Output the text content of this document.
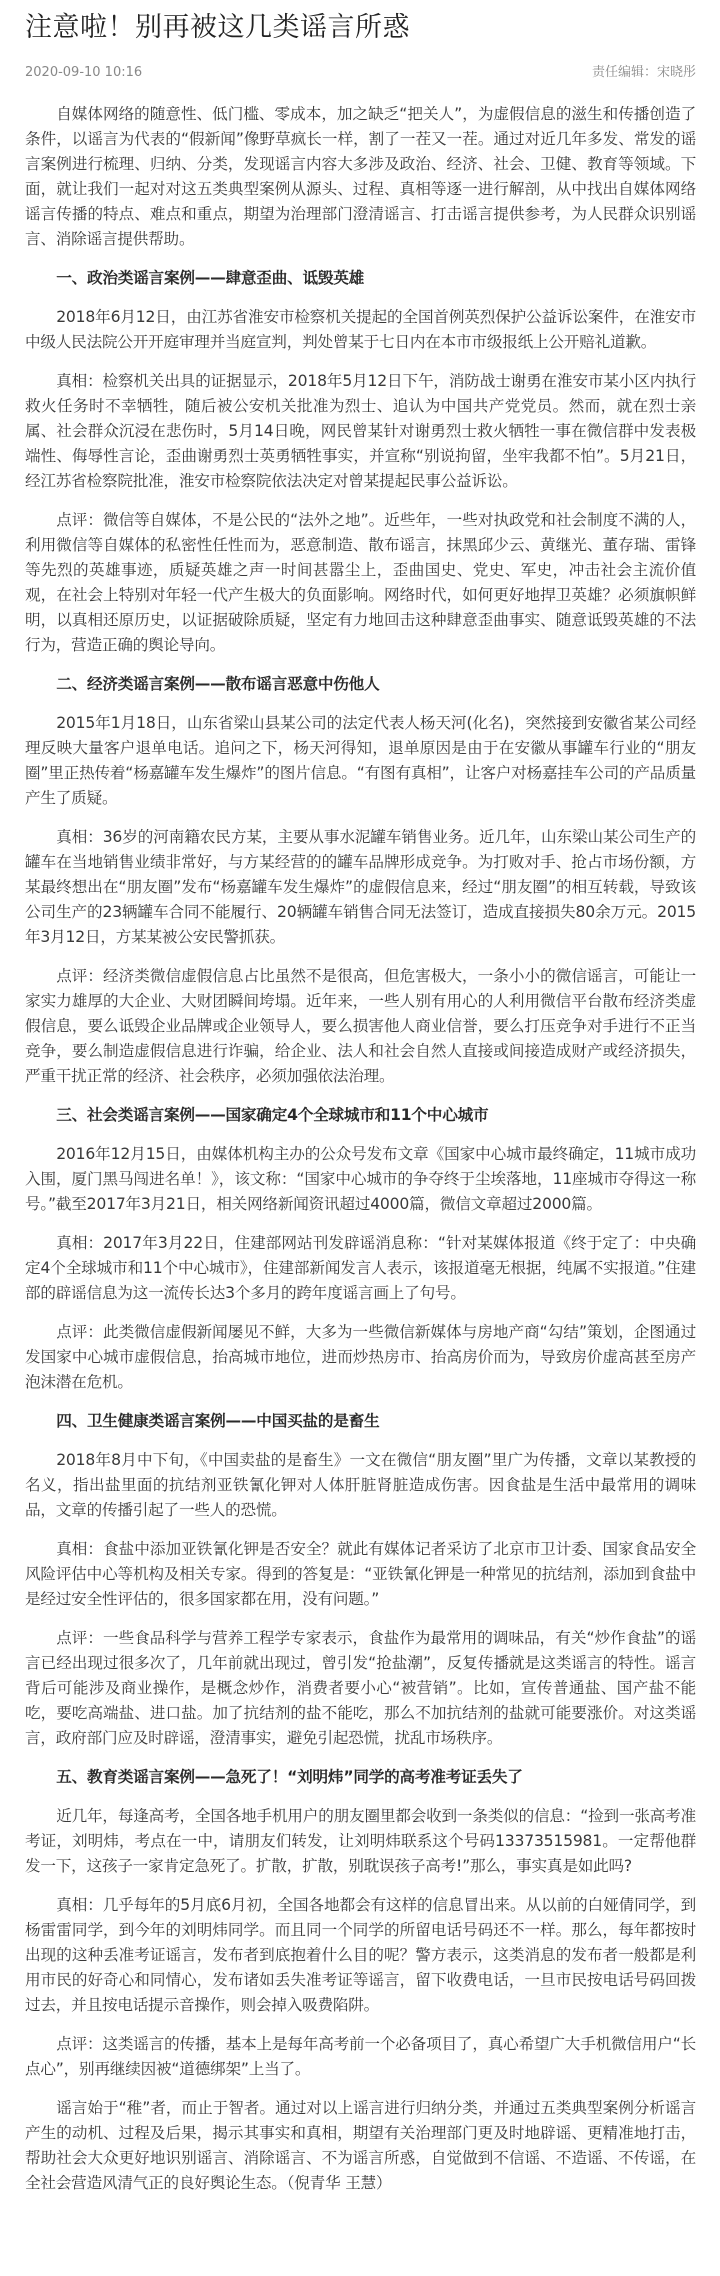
注意啦！别再被这几类谣言所惑
2020-09-10 10:16	责任编辑：宋晓彤

自媒体网络的随意性、低门槛、零成本，加之缺乏“把关人”，为虚假信息的滋生和传播创造了条件，以谣言为代表的“假新闻”像野草疯长一样，割了一茬又一茬。通过对近几年多发、常发的谣言案例进行梳理、归纳、分类，发现谣言内容大多涉及政治、经济、社会、卫健、教育等领域。下面，就让我们一起对对这五类典型案例从源头、过程、真相等逐一进行解剖，从中找出自媒体网络谣言传播的特点、难点和重点，期望为治理部门澄清谣言、打击谣言提供参考，为人民群众识别谣言、消除谣言提供帮助。

一、政治类谣言案例——肆意歪曲、诋毁英雄

2018年6月12日，由江苏省淮安市检察机关提起的全国首例英烈保护公益诉讼案件，在淮安市中级人民法院公开开庭审理并当庭宣判，判处曾某于七日内在本市市级报纸上公开赔礼道歉。

真相：检察机关出具的证据显示，2018年5月12日下午，消防战士谢勇在淮安市某小区内执行救火任务时不幸牺牲，随后被公安机关批准为烈士、追认为中国共产党党员。然而，就在烈士亲属、社会群众沉浸在悲伤时，5月14日晚，网民曾某针对谢勇烈士救火牺牲一事在微信群中发表极端性、侮辱性言论，歪曲谢勇烈士英勇牺牲事实，并宣称“别说拘留，坐牢我都不怕”。5月21日，经江苏省检察院批准，淮安市检察院依法决定对曾某提起民事公益诉讼。

点评：微信等自媒体，不是公民的“法外之地”。近些年，一些对执政党和社会制度不满的人，利用微信等自媒体的私密性任性而为，恶意制造、散布谣言，抹黑邱少云、黄继光、董存瑞、雷锋等先烈的英雄事迹，质疑英雄之声一时间甚嚣尘上，歪曲国史、党史、军史，冲击社会主流价值观，在社会上特别对年轻一代产生极大的负面影响。网络时代，如何更好地捍卫英雄？必须旗帜鲜明，以真相还原历史，以证据破除质疑，坚定有力地回击这种肆意歪曲事实、随意诋毁英雄的不法行为，营造正确的舆论导向。

二、经济类谣言案例——散布谣言恶意中伤他人

2015年1月18日，山东省梁山县某公司的法定代表人杨天河(化名)，突然接到安徽省某公司经理反映大量客户退单电话。追问之下，杨天河得知，退单原因是由于在安徽从事罐车行业的“朋友圈”里正热传着“杨嘉罐车发生爆炸”的图片信息。“有图有真相”，让客户对杨嘉挂车公司的产品质量产生了质疑。

真相：36岁的河南籍农民方某，主要从事水泥罐车销售业务。近几年，山东梁山某公司生产的罐车在当地销售业绩非常好，与方某经营的的罐车品牌形成竞争。为打败对手、抢占市场份额，方某最终想出在“朋友圈”发布“杨嘉罐车发生爆炸”的虚假信息来，经过“朋友圈”的相互转载，导致该公司生产的23辆罐车合同不能履行、20辆罐车销售合同无法签订，造成直接损失80余万元。2015年3月12日，方某某被公安民警抓获。

点评：经济类微信虚假信息占比虽然不是很高，但危害极大，一条小小的微信谣言，可能让一家实力雄厚的大企业、大财团瞬间垮塌。近年来，一些人别有用心的人利用微信平台散布经济类虚假信息，要么诋毁企业品牌或企业领导人，要么损害他人商业信誉，要么打压竞争对手进行不正当竞争，要么制造虚假信息进行诈骗，给企业、法人和社会自然人直接或间接造成财产或经济损失，严重干扰正常的经济、社会秩序，必须加强依法治理。

三、社会类谣言案例——国家确定4个全球城市和11个中心城市

2016年12月15日，由媒体机构主办的公众号发布文章《国家中心城市最终确定，11城市成功入围，厦门黑马闯进名单！》，该文称：“国家中心城市的争夺终于尘埃落地，11座城市夺得这一称号。”截至2017年3月21日，相关网络新闻资讯超过4000篇，微信文章超过2000篇。

真相：2017年3月22日，住建部网站刊发辟谣消息称：“针对某媒体报道《终于定了：中央确定4个全球城市和11个中心城市》，住建部新闻发言人表示，该报道毫无根据，纯属不实报道。”住建部的辟谣信息为这一流传长达3个多月的跨年度谣言画上了句号。

点评：此类微信虚假新闻屡见不鲜，大多为一些微信新媒体与房地产商“勾结”策划，企图通过发国家中心城市虚假信息，抬高城市地位，进而炒热房市、抬高房价而为，导致房价虚高甚至房产泡沫潜在危机。

四、卫生健康类谣言案例——中国买盐的是畜生

2018年8月中下旬，《中国卖盐的是畜生》一文在微信“朋友圈”里广为传播，文章以某教授的名义，指出盐里面的抗结剂亚铁氰化钾对人体肝脏肾脏造成伤害。因食盐是生活中最常用的调味品，文章的传播引起了一些人的恐慌。

真相：食盐中添加亚铁氰化钾是否安全？就此有媒体记者采访了北京市卫计委、国家食品安全风险评估中心等机构及相关专家。得到的答复是：“亚铁氰化钾是一种常见的抗结剂，添加到食盐中是经过安全性评估的，很多国家都在用，没有问题。”

点评：一些食品科学与营养工程学专家表示，食盐作为最常用的调味品，有关“炒作食盐”的谣言已经出现过很多次了，几年前就出现过，曾引发“抢盐潮”，反复传播就是这类谣言的特性。谣言背后可能涉及商业操作，是概念炒作，消费者要小心“被营销”。比如，宣传普通盐、国产盐不能吃，要吃高端盐、进口盐。加了抗结剂的盐不能吃，那么不加抗结剂的盐就可能要涨价。对这类谣言，政府部门应及时辟谣，澄清事实，避免引起恐慌，扰乱市场秩序。

五、教育类谣言案例——急死了！“刘明炜”同学的高考准考证丢失了

近几年，每逢高考，全国各地手机用户的朋友圈里都会收到一条类似的信息：“捡到一张高考准考证，刘明炜，考点在一中，请朋友们转发，让刘明炜联系这个号码13373515981。一定帮他群发一下，这孩子一家肯定急死了。扩散，扩散，别耽误孩子高考!”那么，事实真是如此吗?

真相：几乎每年的5月底6月初，全国各地都会有这样的信息冒出来。从以前的白娅倩同学，到杨雷雷同学，到今年的刘明炜同学。而且同一个同学的所留电话号码还不一样。那么，每年都按时出现的这种丢准考证谣言，发布者到底抱着什么目的呢？警方表示，这类消息的发布者一般都是利用市民的好奇心和同情心，发布诸如丢失准考证等谣言，留下收费电话，一旦市民按电话号码回拨过去，并且按电话提示音操作，则会掉入吸费陷阱。

点评：这类谣言的传播，基本上是每年高考前一个必备项目了，真心希望广大手机微信用户“长点心”，别再继续因被“道德绑架”上当了。

谣言始于“稚”者，而止于智者。通过对以上谣言进行归纳分类，并通过五类典型案例分析谣言产生的动机、过程及后果，揭示其事实和真相，期望有关治理部门更及时地辟谣、更精准地打击，帮助社会大众更好地识别谣言、消除谣言、不为谣言所惑，自觉做到不信谣、不造谣、不传谣，在全社会营造风清气正的良好舆论生态。（倪青华 王慧）
